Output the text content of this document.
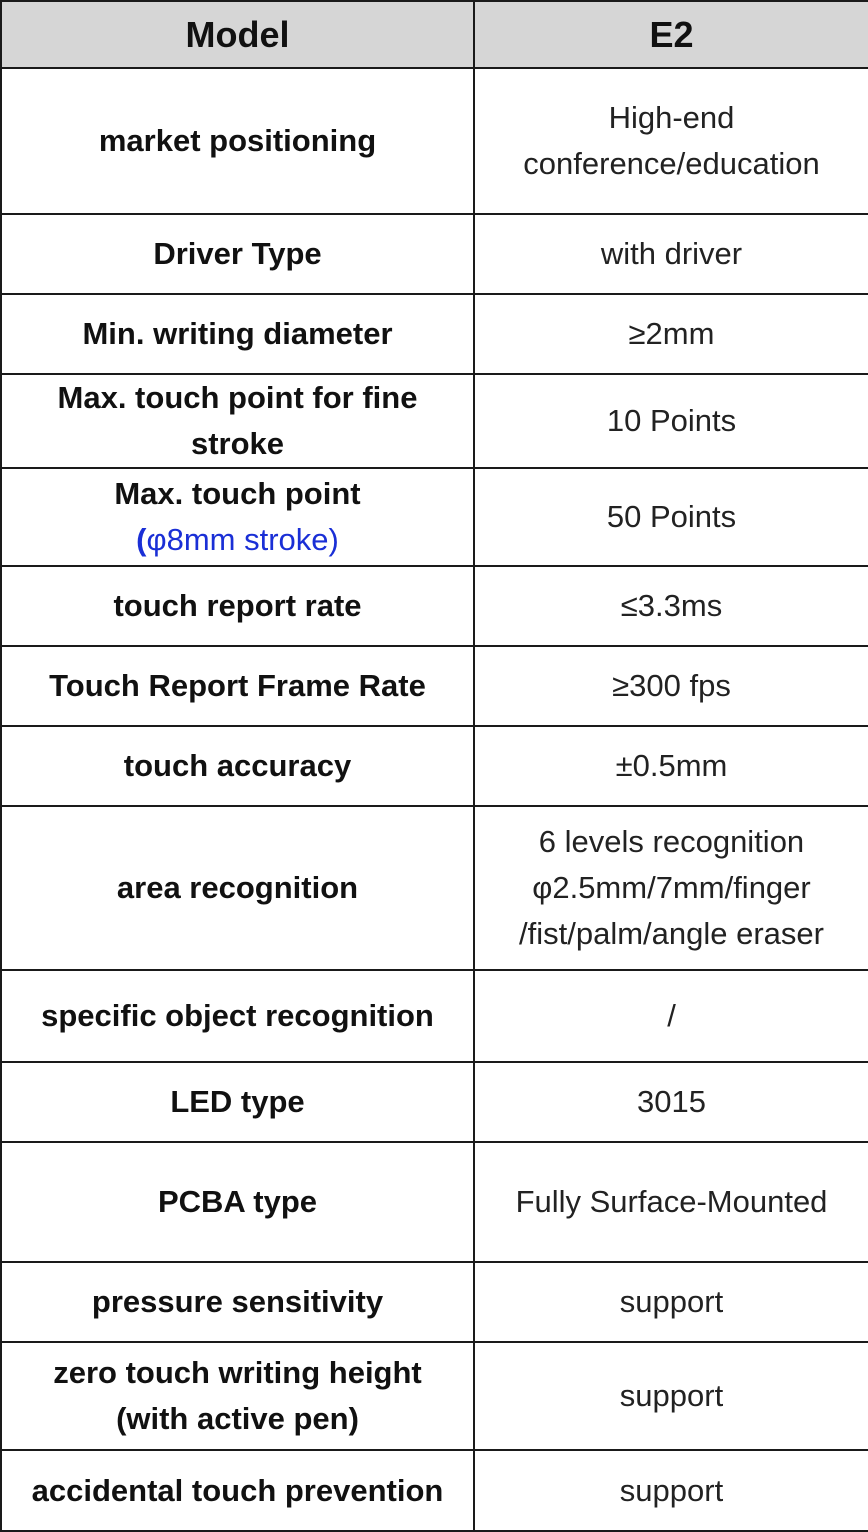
Model	E2

market positioning	High-end
conference/education

Driver Type	with driver

Min. writing diameter	≥2mm

Max. touch point for fine
stroke	10 Points

Max. touch point
(φ8mm stroke)	50 Points

touch report rate	≤3.3ms

Touch Report Frame Rate	≥300 fps

touch accuracy	±0.5mm

area recognition	6 levels recognition
φ2.5mm/7mm/finger
/fist/palm/angle eraser

specific object recognition	/

LED type	3015

PCBA type	Fully Surface-Mounted

pressure sensitivity	support

zero touch writing height
(with active pen)	support

accidental touch prevention	support
